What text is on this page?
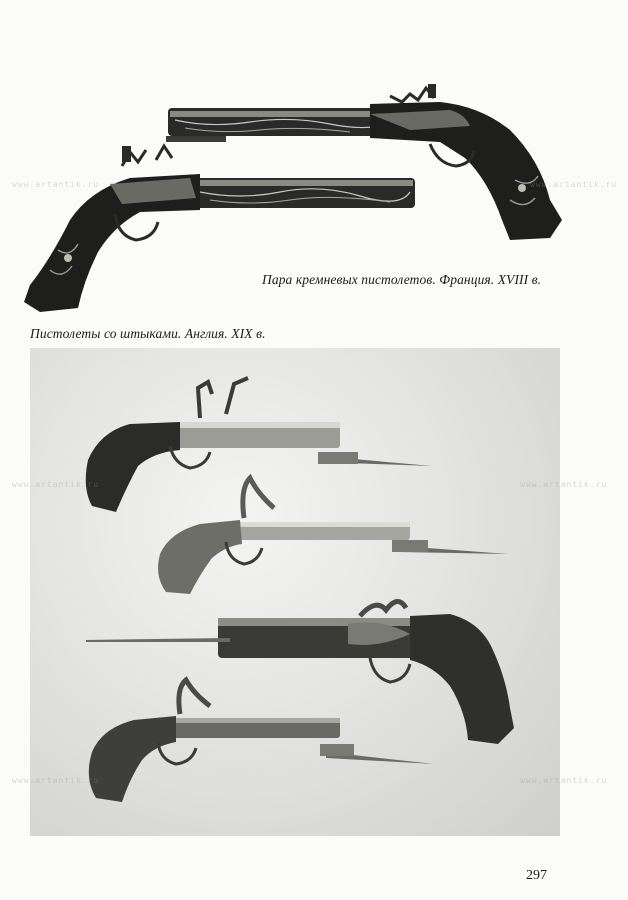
Пара кремневых пистолетов. Франция. XVIII в.
Пистолеты со штыками. Англия. XIX в.
www.artantik.ru	www.artantik.ru
www.artantik.ru	www.artantik.ru
www.artantik.ru	www.artantik.ru
297
